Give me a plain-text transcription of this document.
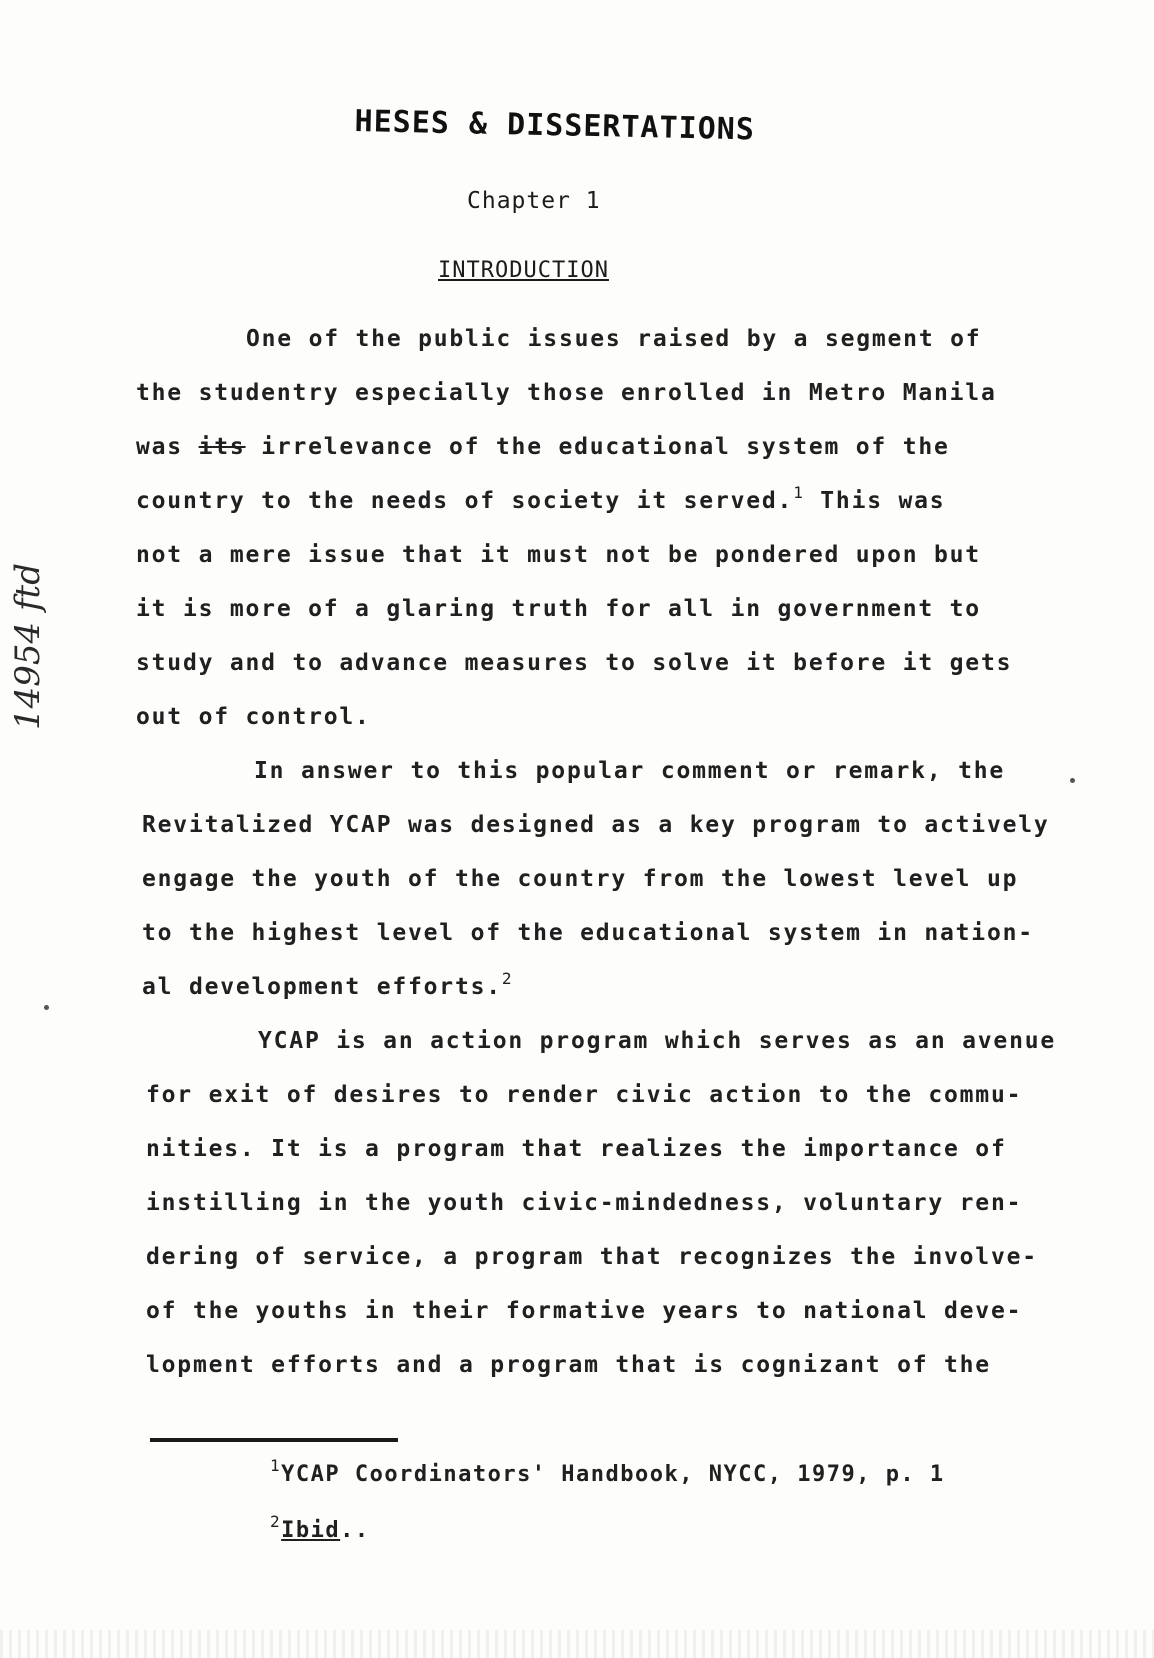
HESES & DISSERTATIONS
Chapter 1
INTRODUCTION
14954 ftd
One of the public issues raised by a segment of
the studentry especially those enrolled in Metro Manila
was its irrelevance of the educational system of the
country to the needs of society it served.$^1$ This was
not a mere issue that it must not be pondered upon but
it is more of a glaring truth for all in government to
study and to advance measures to solve it before it gets
out of control.
In answer to this popular comment or remark, the
Revitalized YCAP was designed as a key program to actively
engage the youth of the country from the lowest level up
to the highest level of the educational system in nation-
al development efforts.$^2$
YCAP is an action program which serves as an avenue
for exit of desires to render civic action to the commu-
nities. It is a program that realizes the importance of
instilling in the youth civic-mindedness, voluntary ren-
dering of service, a program that recognizes the involve-
of the youths in their formative years to national deve-
lopment efforts and a program that is cognizant of the
$^1$YCAP Coordinators' Handbook, NYCC, 1979, p. 1
$^2$Ibid..
